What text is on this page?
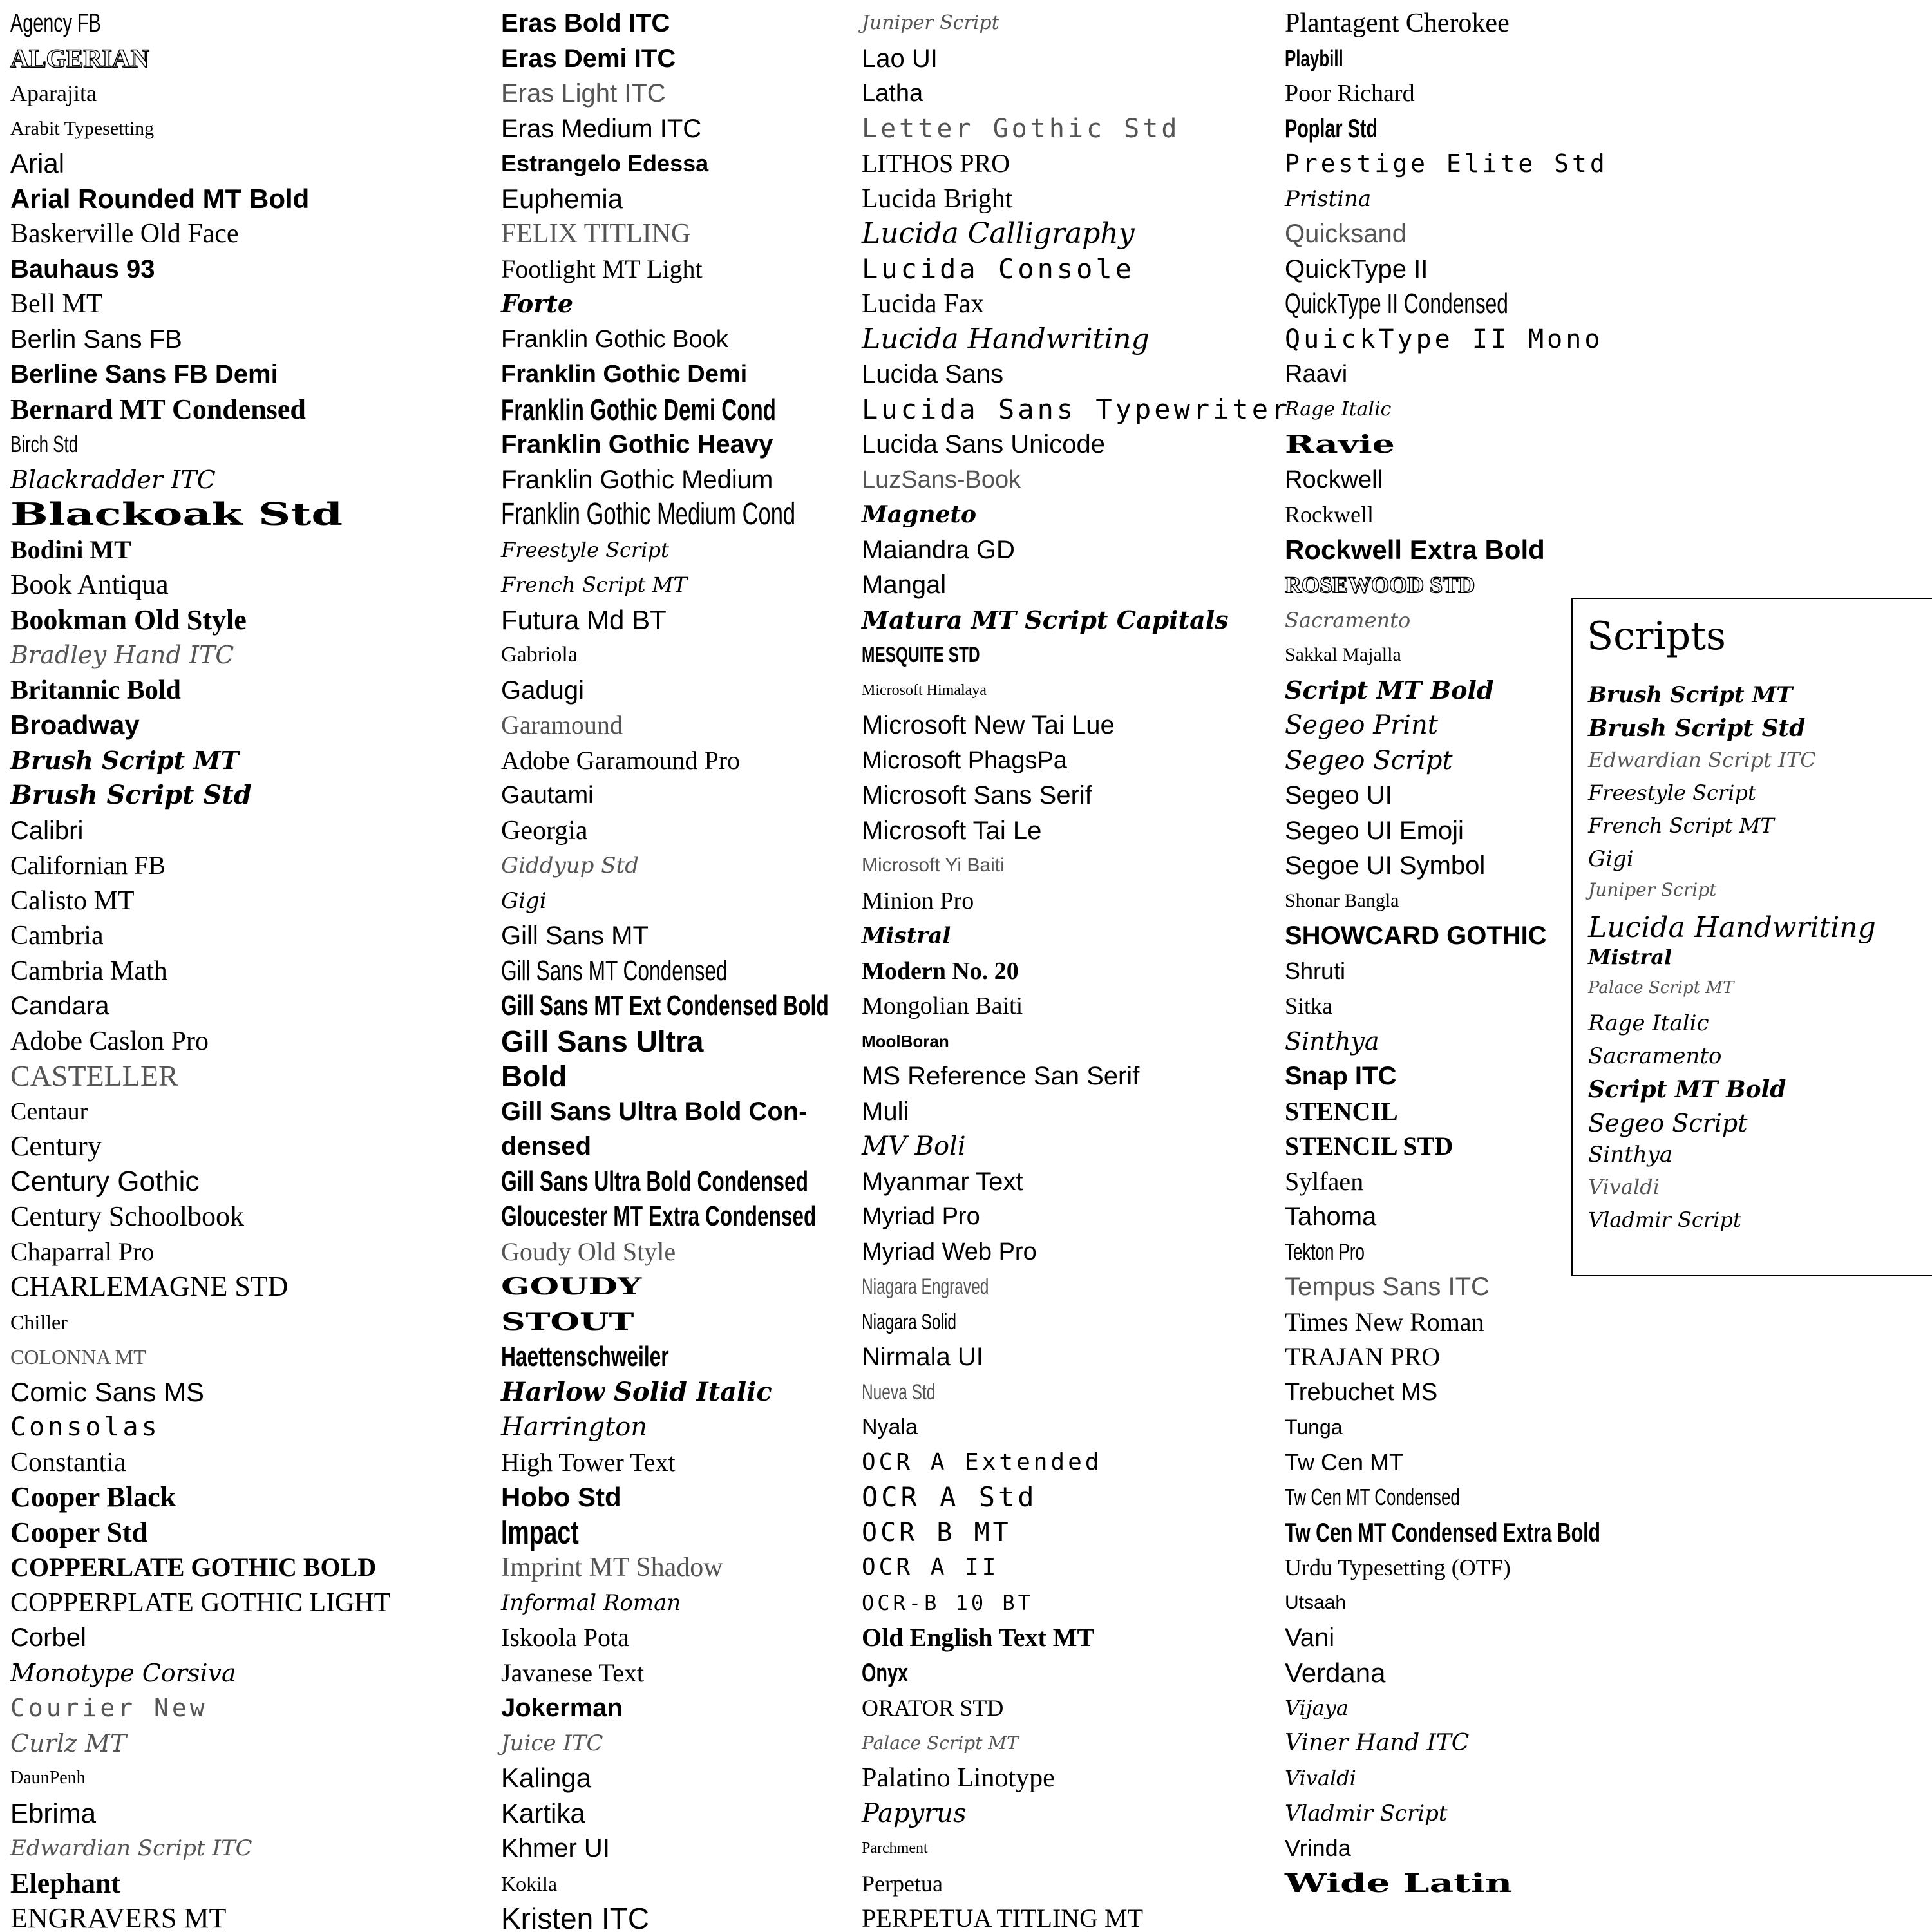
Agency FB
ALGERIAN
Aparajita
Arabit Typesetting
Arial
Arial Rounded MT Bold
Baskerville Old Face
Bauhaus 93
Bell MT
Berlin Sans FB
Berline Sans FB Demi
Bernard MT Condensed
Birch Std
Blackradder ITC
Blackoak Std
Bodini MT
Book Antiqua
Bookman Old Style
Bradley Hand ITC
Britannic Bold
Broadway
Brush Script MT
Brush Script Std
Calibri
Californian FB
Calisto MT
Cambria
Cambria Math
Candara
Adobe Caslon Pro
CASTELLER
Centaur
Century
Century Gothic
Century Schoolbook
Chaparral Pro
CHARLEMAGNE STD
Chiller
COLONNA MT
Comic Sans MS
Consolas
Constantia
Cooper Black
Cooper Std
COPPERLATE GOTHIC BOLD
COPPERPLATE GOTHIC LIGHT
Corbel
Monotype Corsiva
Courier New
Curlz MT
DaunPenh
Ebrima
Edwardian Script ITC
Elephant
ENGRAVERS MT
Eras Bold ITC
Eras Demi ITC
Eras Light ITC
Eras Medium ITC
Estrangelo Edessa
Euphemia
FELIX TITLING
Footlight MT Light
Forte
Franklin Gothic Book
Franklin Gothic Demi
Franklin Gothic Demi Cond
Franklin Gothic Heavy
Franklin Gothic Medium
Franklin Gothic Medium Cond
Freestyle Script
French Script MT
Futura Md BT
Gabriola
Gadugi
Garamound
Adobe Garamound Pro
Gautami
Georgia
Giddyup Std
Gigi
Gill Sans MT
Gill Sans MT Condensed
Gill Sans MT Ext Condensed Bold
Gill Sans Ultra
Bold
Gill Sans Ultra Bold Con-
densed
Gill Sans Ultra Bold Condensed
Gloucester MT Extra Condensed
Goudy Old Style
GOUDY
STOUT
Haettenschweiler
Harlow Solid Italic
Harrington
High Tower Text
Hobo Std
Impact
Imprint MT Shadow
Informal Roman
Iskoola Pota
Javanese Text
Jokerman
Juice ITC
Kalinga
Kartika
Khmer UI
Kokila
Kristen ITC
Juniper Script
Lao UI
Latha
Letter Gothic Std
LITHOS PRO
Lucida Bright
Lucida Calligraphy
Lucida Console
Lucida Fax
Lucida Handwriting
Lucida Sans
Lucida Sans Typewriter
Lucida Sans Unicode
LuzSans-Book
Magneto
Maiandra GD
Mangal
Matura MT Script Capitals
MESQUITE STD
Microsoft Himalaya
Microsoft New Tai Lue
Microsoft PhagsPa
Microsoft Sans Serif
Microsoft Tai Le
Microsoft Yi Baiti
Minion Pro
Mistral
Modern No. 20
Mongolian Baiti
MoolBoran
MS Reference San Serif
Muli
MV Boli
Myanmar Text
Myriad Pro
Myriad Web Pro
Niagara Engraved
Niagara Solid
Nirmala UI
Nueva Std
Nyala
OCR A Extended
OCR A Std
OCR B MT
OCR A II
OCR-B 10 BT
Old English Text MT
Onyx
ORATOR STD
Palace Script MT
Palatino Linotype
Papyrus
Parchment
Perpetua
PERPETUA TITLING MT
Plantagent Cherokee
Playbill
Poor Richard
Poplar Std
Prestige Elite Std
Pristina
Quicksand
QuickType II
QuickType II Condensed
QuickType II Mono
Raavi
Rage Italic
Ravie
Rockwell
Rockwell
Rockwell Extra Bold
ROSEWOOD STD
Sacramento
Sakkal Majalla
Script MT Bold
Segeo Print
Segeo Script
Segeo UI
Segeo UI Emoji
Segoe UI Symbol
Shonar Bangla
SHOWCARD GOTHIC
Shruti
Sitka
Sinthya
Snap ITC
STENCIL
STENCIL STD
Sylfaen
Tahoma
Tekton Pro
Tempus Sans ITC
Times New Roman
TRAJAN PRO
Trebuchet MS
Tunga
Tw Cen MT
Tw Cen MT Condensed
Tw Cen MT Condensed Extra Bold
Urdu Typesetting (OTF)
Utsaah
Vani
Verdana
Vijaya
Viner Hand ITC
Vivaldi
Vladmir Script
Vrinda
Wide Latin
Scripts
Brush Script MT
Brush Script Std
Edwardian Script ITC
Freestyle Script
French Script MT
Gigi
Juniper Script
Lucida Handwriting
Mistral
Palace Script MT
Rage Italic
Sacramento
Script MT Bold
Segeo Script
Sinthya
Vivaldi
Vladmir Script
